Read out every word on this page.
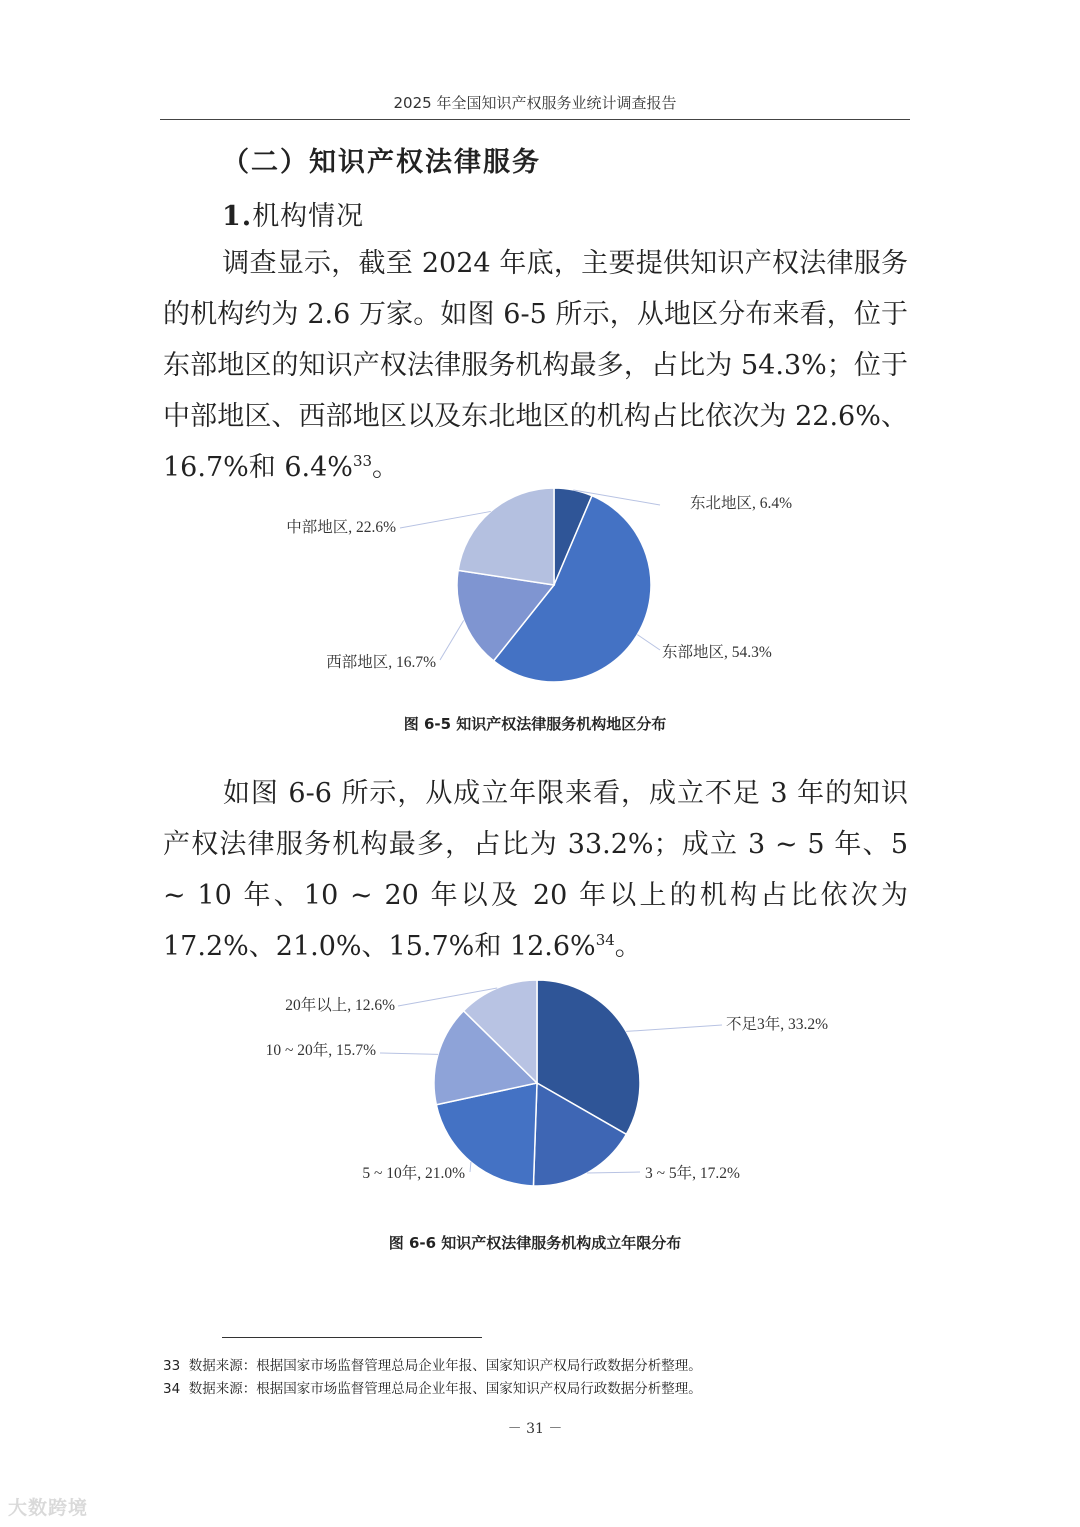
2025 年全国知识产权服务业统计调查报告
（二）知识产权法律服务
1.机构情况
调查显示，截至 2024 年底，主要提供知识产权法律服务的机构约为 2.6 万家。如图 6-5 所示，从地区分布来看，位于东部地区的知识产权法律服务机构最多，占比为 54.3%；位于中部地区、西部地区以及东北地区的机构占比依次为 22.6%、16.7%和 6.4%$^{33}$。
东北地区, 6.4%
东部地区, 54.3%
西部地区, 16.7%
中部地区, 22.6%
图 6-5 知识产权法律服务机构地区分布
如图 6-6 所示，从成立年限来看，成立不足 3 年的知识产权法律服务机构最多，占比为 33.2%；成立 3 ~ 5 年、5 ~ 10 年、10 ~ 20 年以及 20 年以上的机构占比依次为 17.2%、21.0%、15.7%和 12.6%$^{34}$。
不足3年, 33.2%
3 ~ 5年, 17.2%
5 ~ 10年, 21.0%
10 ~ 20年, 15.7%
20年以上, 12.6%
图 6-6 知识产权法律服务机构成立年限分布
33 数据来源：根据国家市场监督管理总局企业年报、国家知识产权局行政数据分析整理。
34 数据来源：根据国家市场监督管理总局企业年报、国家知识产权局行政数据分析整理。
－ 31 －
大数跨境
